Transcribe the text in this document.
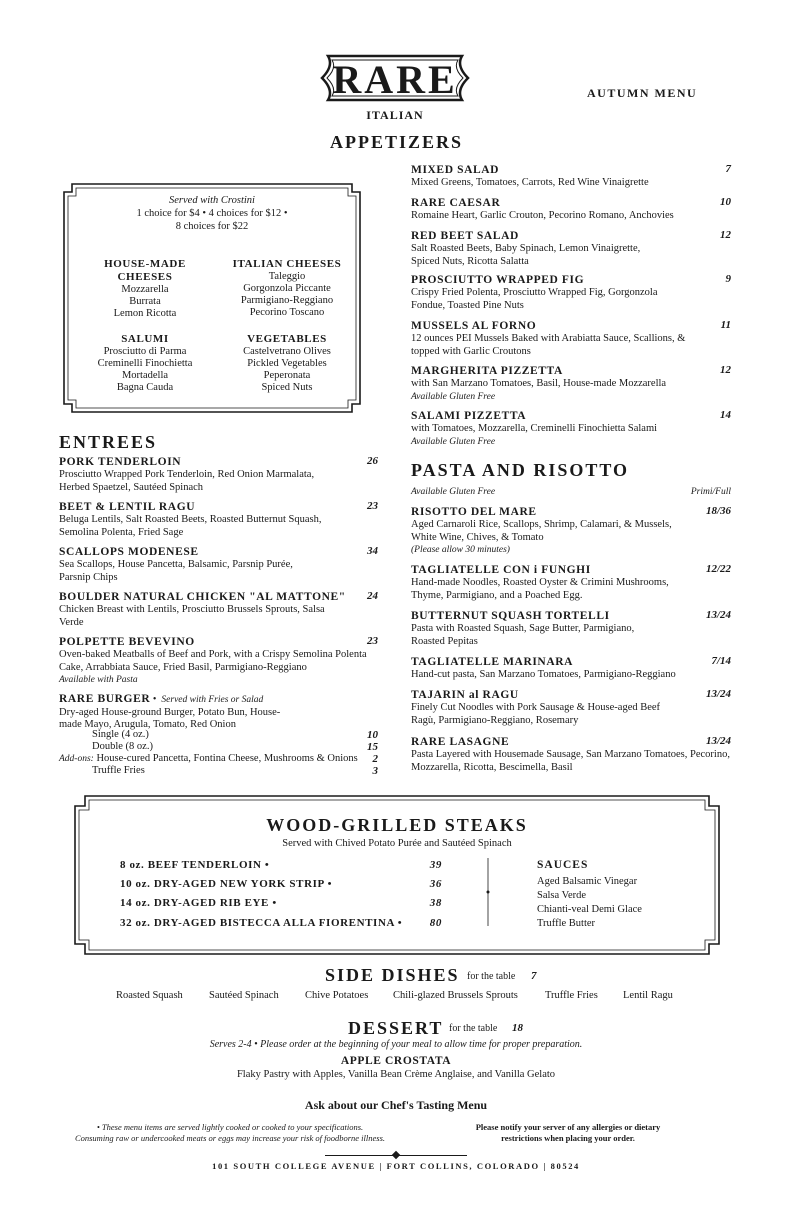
RARE
ITALIAN
AUTUMN MENU
APPETIZERS
Served with Crostini
1 choice for $4 • 4 choices for $12 •
8 choices for $22
HOUSE-MADE CHEESES
Mozzarella
Burrata
Lemon Ricotta
ITALIAN CHEESES
Taleggio
Gorgonzola Piccante
Parmigiano-Reggiano
Pecorino Toscano
SALUMI
Prosciutto di Parma
Creminelli Finochietta
Mortadella
Bagna Cauda
VEGETABLES
Castelvetrano Olives
Pickled Vegetables
Peperonata
Spiced Nuts
MIXED SALAD	7
Mixed Greens, Tomatoes, Carrots, Red Wine Vinaigrette
RARE CAESAR	10
Romaine Heart, Garlic Crouton, Pecorino Romano, Anchovies
RED BEET SALAD
Salt Roasted Beets, Baby Spinach, Lemon Vinaigrette, Spiced Nuts, Ricotta Salatta
12
PROSCIUTTO WRAPPED FIG
Crispy Fried Polenta, Prosciutto Wrapped Fig, Gorgonzola Fondue, Toasted Pine Nuts
9
MUSSELS AL FORNO
12 ounces PEI Mussels Baked with Arabiatta Sauce, Scallions, & topped with Garlic Croutons
11
MARGHERITA PIZZETTA	12
with San Marzano Tomatoes, Basil, House-made Mozzarella
Available Gluten Free
SALAMI PIZZETTA	14
with Tomatoes, Mozzarella, Creminelli Finochietta Salami
Available Gluten Free
ENTREES
PORK TENDERLOIN
Prosciutto Wrapped Pork Tenderloin, Red Onion Marmalata, Herbed Spaetzel, Sautéed Spinach
26
BEET & LENTIL RAGU
Beluga Lentils, Salt Roasted Beets, Roasted Butternut Squash, Semolina Polenta, Fried Sage
23
SCALLOPS MODENESE
Sea Scallops, House Pancetta, Balsamic, Parsnip Purée, Parsnip Chips
34
BOULDER NATURAL CHICKEN "AL MATTONE"
Chicken Breast with Lentils, Prosciutto Brussels Sprouts, Salsa Verde
24
POLPETTE BEVEVINO
Oven-baked Meatballs of Beef and Pork, with a Crispy Semolina Polenta Cake, Arrabbiata Sauce, Fried Basil, Parmigiano-Reggiano
Available with Pasta
23
RARE BURGER •  Served with Fries or Salad
Dry-aged House-ground Burger, Potato Bun, House-made Mayo, Arugula, Tomato, Red Onion
Single (4 oz.)	10
Double (8 oz.)	15
Add-ons: House-cured Pancetta, Fontina Cheese, Mushrooms & Onions 2
Truffle Fries	3
PASTA AND RISOTTO
Available Gluten Free	Primi/Full
RISOTTO DEL MARE
Aged Carnaroli Rice, Scallops, Shrimp, Calamari, & Mussels, White Wine, Chives, & Tomato
(Please allow 30 minutes)
18/36
TAGLIATELLE CON i FUNGHI
Hand-made Noodles, Roasted Oyster & Crimini Mushrooms, Thyme, Parmigiano, and a Poached Egg.
12/22
BUTTERNUT SQUASH TORTELLI
Pasta with Roasted Squash, Sage Butter, Parmigiano, Roasted Pepitas
13/24
TAGLIATELLE MARINARA
Hand-cut pasta, San Marzano Tomatoes, Parmigiano-Reggiano
7/14
TAJARIN al RAGU
Finely Cut Noodles with Pork Sausage & House-aged Beef Ragù, Parmigiano-Reggiano, Rosemary
13/24
RARE LASAGNE
Pasta Layered with Housemade Sausage, San Marzano Tomatoes, Pecorino, Mozzarella, Ricotta, Bescimella, Basil
13/24
WOOD-GRILLED STEAKS
Served with Chived Potato Purée and Sautéed Spinach
8 oz. BEEF TENDERLOIN •	39
10 oz. DRY-AGED NEW YORK STRIP •	36
14 oz. DRY-AGED RIB EYE •	38
32 oz. DRY-AGED BISTECCA ALLA FIORENTINA •	80
SAUCES
Aged Balsamic Vinegar
Salsa Verde
Chianti-veal Demi Glace
Truffle Butter
SIDE DISHES for the table 7
Roasted Squash Sautéed Spinach	Chive Potatoes Chili-glazed Brussels Sprouts	Truffle Fries Lentil Ragu
DESSERT for the table 18
Serves 2-4 • Please order at the beginning of your meal to allow time for proper preparation.
APPLE CROSTATA
Flaky Pastry with Apples, Vanilla Bean Crème Anglaise, and Vanilla Gelato
Ask about our Chef's Tasting Menu
• These menu items are served lightly cooked or cooked to your specifications.
Consuming raw or undercooked meats or eggs may increase your risk of foodborne illness.
Please notify your server of any allergies or dietary
restrictions when placing your order.
101 SOUTH COLLEGE AVENUE | FORT COLLINS, COLORADO | 80524
